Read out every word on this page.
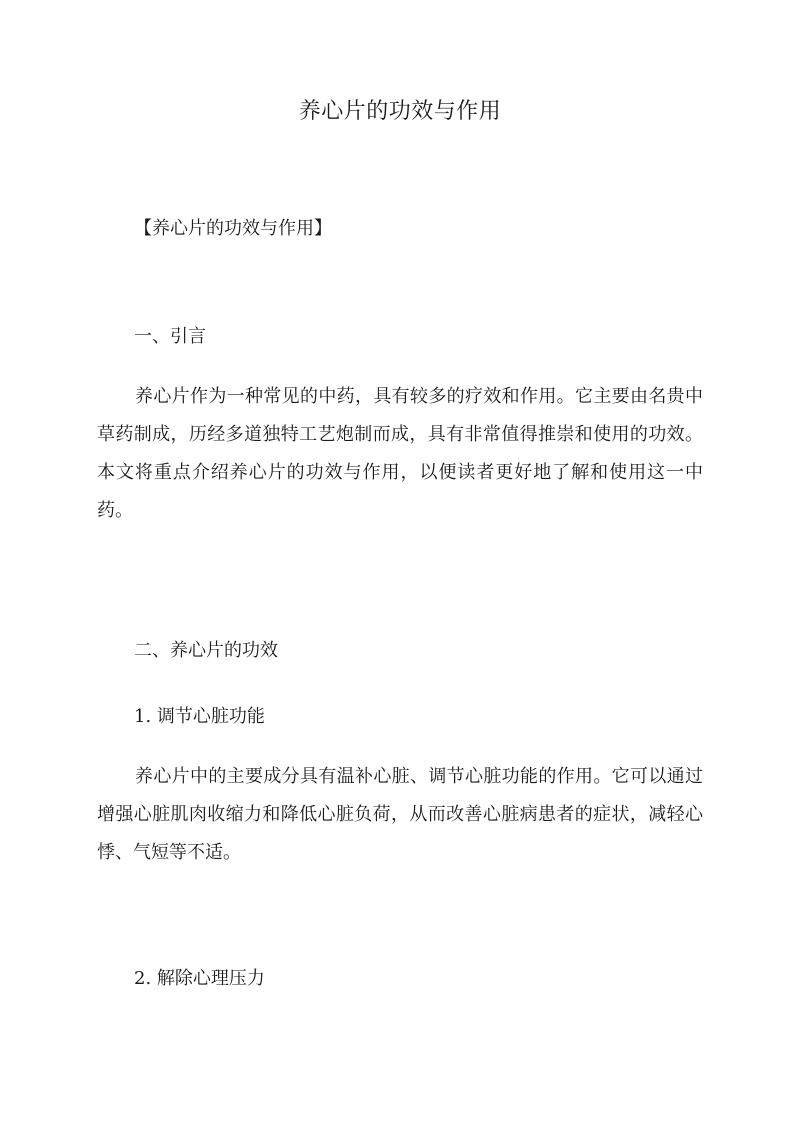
养心片的功效与作用
【养心片的功效与作用】
一、引言
养心片作为一种常见的中药，具有较多的疗效和作用。它主要由名贵中草药制成，历经多道独特工艺炮制而成，具有非常值得推崇和使用的功效。本文将重点介绍养心片的功效与作用，以便读者更好地了解和使用这一中药。
二、养心片的功效
1. 调节心脏功能
养心片中的主要成分具有温补心脏、调节心脏功能的作用。它可以通过增强心脏肌肉收缩力和降低心脏负荷，从而改善心脏病患者的症状，减轻心悸、气短等不适。
2. 解除心理压力
